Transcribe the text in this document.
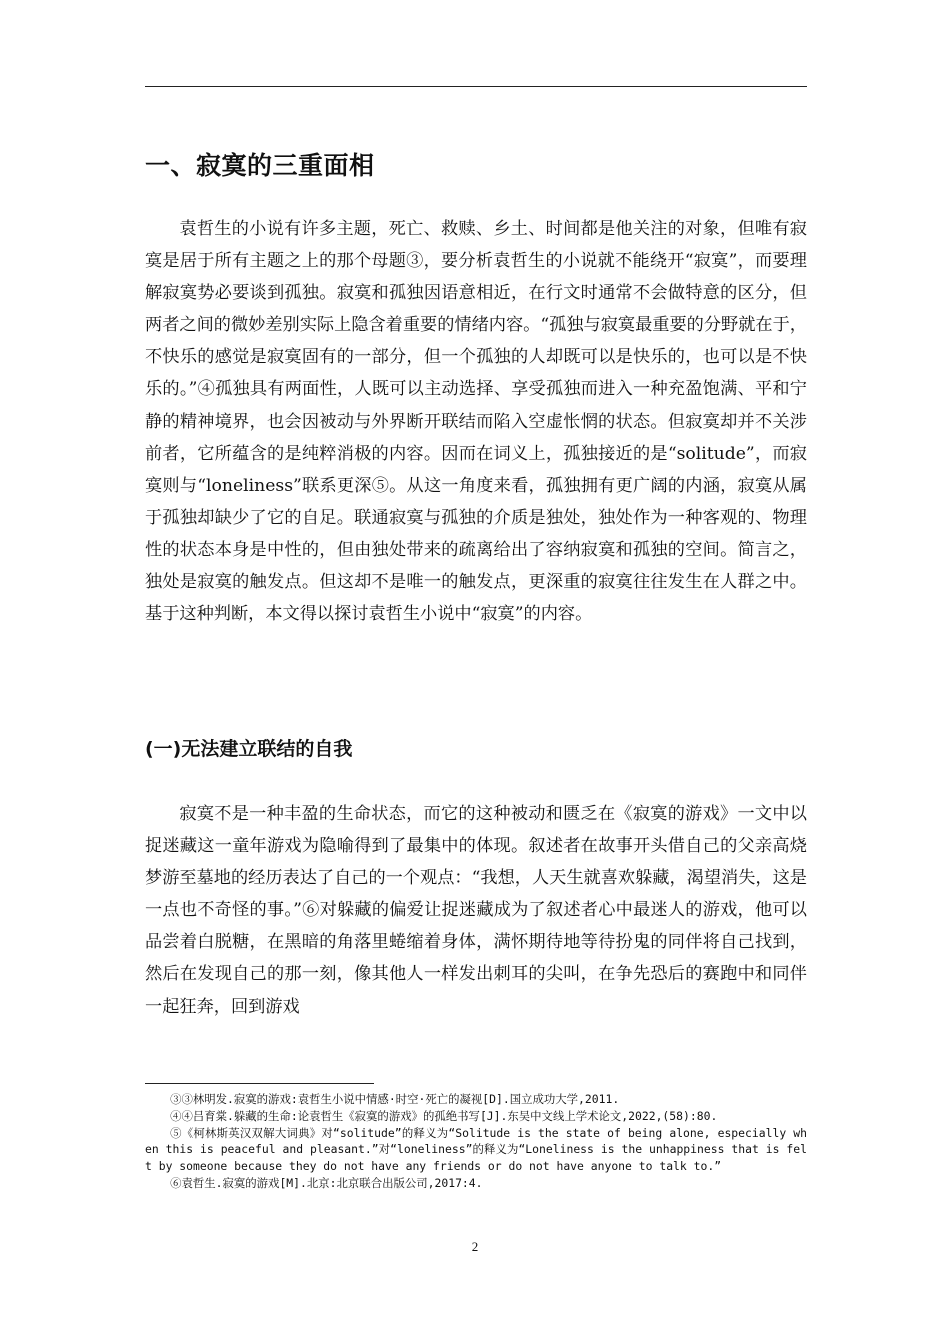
一、寂寞的三重面相

袁哲生的小说有许多主题，死亡、救赎、乡土、时间都是他关注的对象，但唯有寂寞是居于所有主题之上的那个母题③，要分析袁哲生的小说就不能绕开“寂寞”，而要理解寂寞势必要谈到孤独。寂寞和孤独因语意相近，在行文时通常不会做特意的区分，但两者之间的微妙差别实际上隐含着重要的情绪内容。“孤独与寂寞最重要的分野就在于，不快乐的感觉是寂寞固有的一部分，但一个孤独的人却既可以是快乐的，也可以是不快乐的。”④孤独具有两面性，人既可以主动选择、享受孤独而进入一种充盈饱满、平和宁静的精神境界，也会因被动与外界断开联结而陷入空虚怅惘的状态。但寂寞却并不关涉前者，它所蕴含的是纯粹消极的内容。因而在词义上，孤独接近的是“solitude”，而寂寞则与“loneliness”联系更深⑤。从这一角度来看，孤独拥有更广阔的内涵，寂寞从属于孤独却缺少了它的自足。联通寂寞与孤独的介质是独处，独处作为一种客观的、物理性的状态本身是中性的，但由独处带来的疏离给出了容纳寂寞和孤独的空间。简言之，独处是寂寞的触发点。但这却不是唯一的触发点，更深重的寂寞往往发生在人群之中。基于这种判断，本文得以探讨袁哲生小说中“寂寞”的内容。

(一)无法建立联结的自我

寂寞不是一种丰盈的生命状态，而它的这种被动和匮乏在《寂寞的游戏》一文中以捉迷藏这一童年游戏为隐喻得到了最集中的体现。叙述者在故事开头借自己的父亲高烧梦游至墓地的经历表达了自己的一个观点：“我想，人天生就喜欢躲藏，渴望消失，这是一点也不奇怪的事。”⑥对躲藏的偏爱让捉迷藏成为了叙述者心中最迷人的游戏，他可以品尝着白脱糖，在黑暗的角落里蜷缩着身体，满怀期待地等待扮鬼的同伴将自己找到，然后在发现自己的那一刻，像其他人一样发出刺耳的尖叫，在争先恐后的赛跑中和同伴一起狂奔，回到游戏

③③林明发.寂寞的游戏:袁哲生小说中情感·时空·死亡的凝视[D].国立成功大学,2011.

④④吕育棠.躲藏的生命:论袁哲生《寂寞的游戏》的孤绝书写[J].东吴中文线上学术论文,2022,(58):80.

⑤《柯林斯英汉双解大词典》对“solitude”的释义为“Solitude is the state of being alone, especially when this is peaceful and pleasant.”对“loneliness”的释义为“Loneliness is the unhappiness that is felt by someone because they do not have any friends or do not have anyone to talk to.”

⑥袁哲生.寂寞的游戏[M].北京:北京联合出版公司,2017:4.

2
